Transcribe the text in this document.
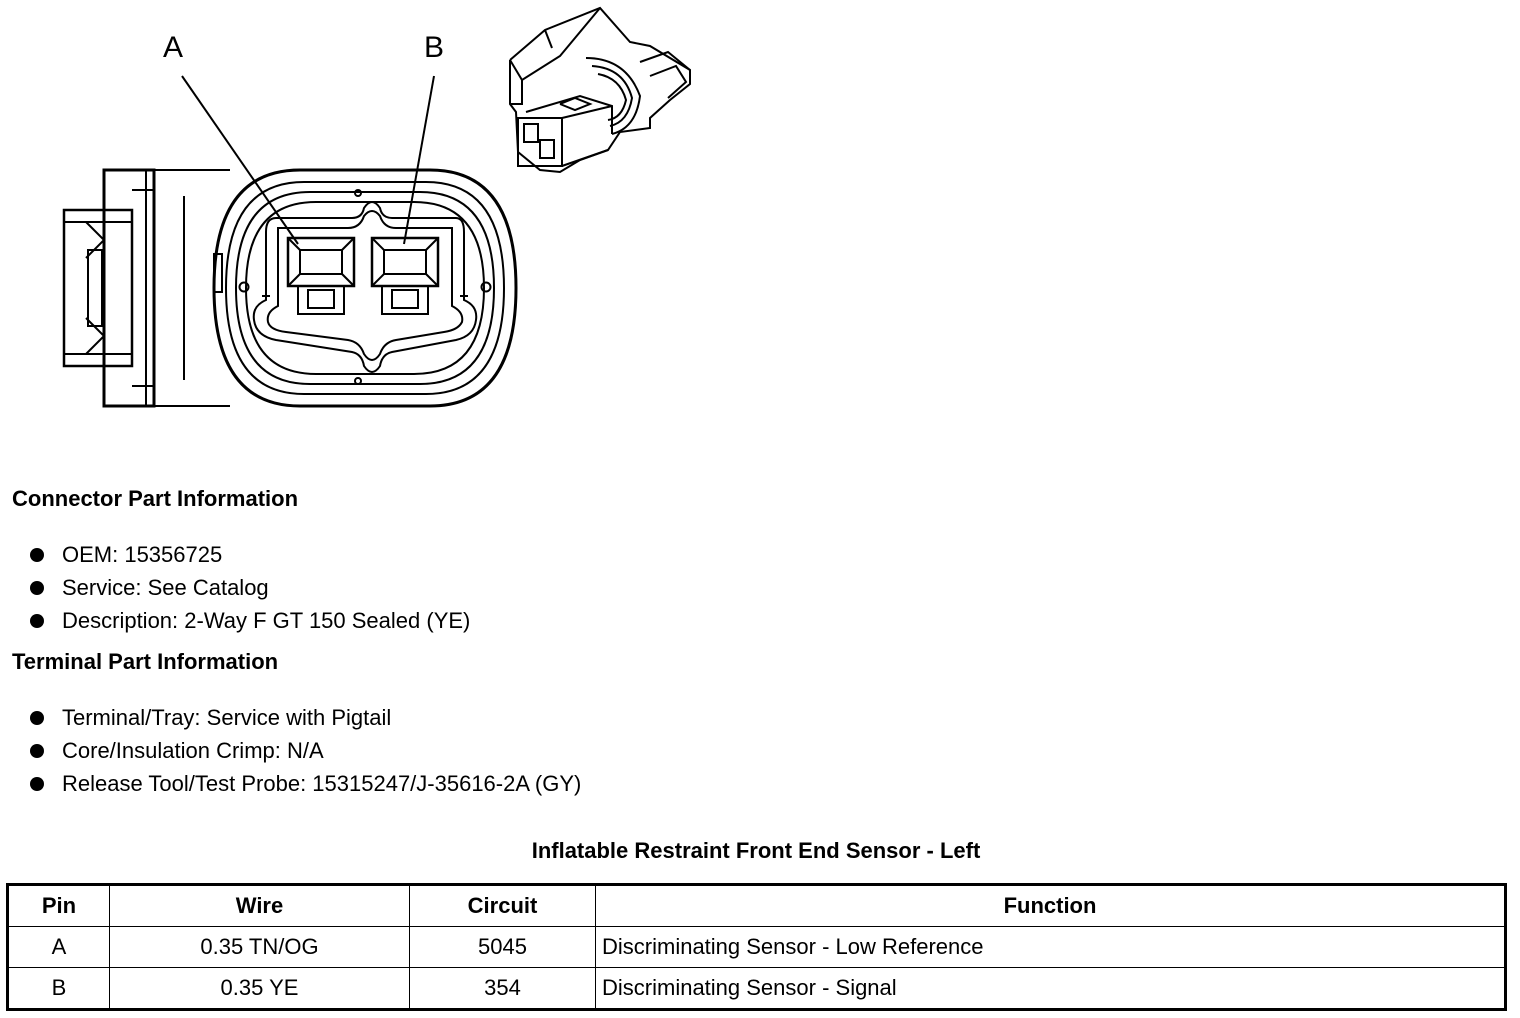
A	B
Connector Part Information
OEM: 15356725
Service: See Catalog
Description: 2-Way F GT 150 Sealed (YE)
Terminal Part Information
Terminal/Tray: Service with Pigtail
Core/Insulation Crimp: N/A
Release Tool/Test Probe: 15315247/J-35616-2A (GY)
Inflatable Restraint Front End Sensor - Left
Pin	Wire	Circuit	Function
A	0.35 TN/OG	5045	Discriminating Sensor - Low Reference
B	0.35 YE	354	Discriminating Sensor - Signal
